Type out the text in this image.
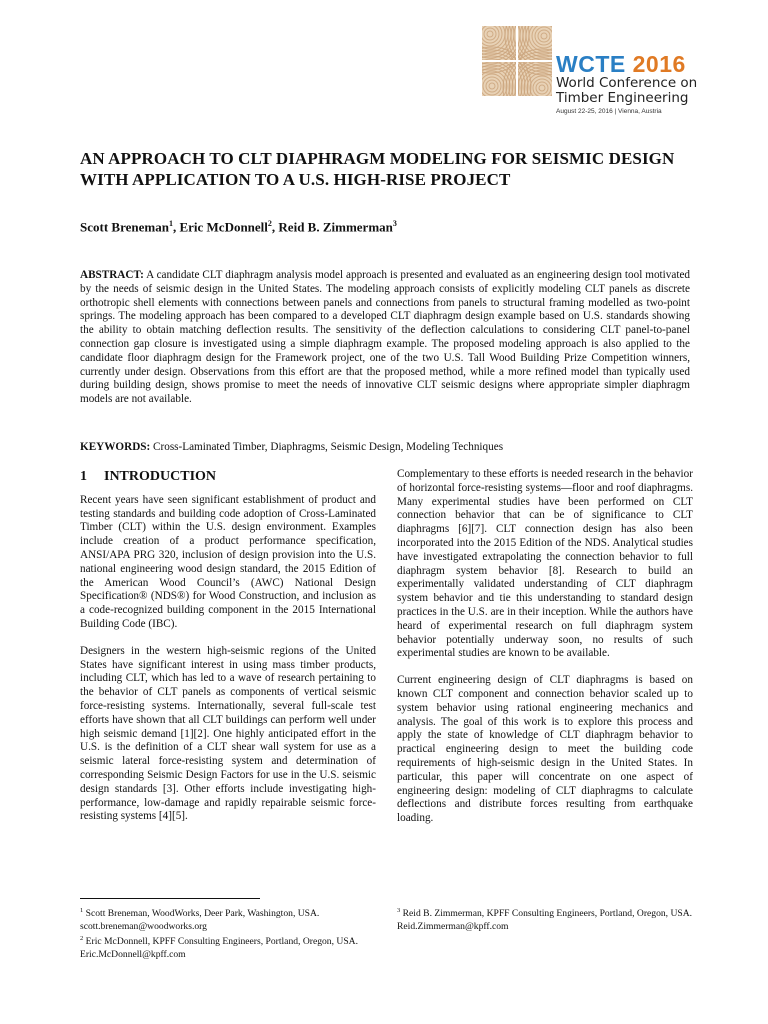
WCTE 2016
World Conference on
Timber Engineering
August 22-25, 2016 | Vienna, Austria
AN APPROACH TO CLT DIAPHRAGM MODELING FOR SEISMIC DESIGN WITH APPLICATION TO A U.S. HIGH-RISE PROJECT
Scott Breneman$^1$, Eric McDonnell$^2$, Reid B. Zimmerman$^3$
ABSTRACT: A candidate CLT diaphragm analysis model approach is presented and evaluated as an engineering design tool motivated by the needs of seismic design in the United States. The modeling approach consists of explicitly modeling CLT panels as discrete orthotropic shell elements with connections between panels and connections from panels to structural framing modelled as two-point springs. The modeling approach has been compared to a developed CLT diaphragm design example based on U.S. standards showing the ability to obtain matching deflection results. The sensitivity of the deflection calculations to considering CLT panel-to-panel connection gap closure is investigated using a simple diaphragm example. The proposed modeling approach is also applied to the candidate floor diaphragm design for the Framework project, one of the two U.S. Tall Wood Building Prize Competition winners, currently under design. Observations from this effort are that the proposed method, while a more refined model than typically used during building design, shows promise to meet the needs of innovative CLT seismic designs where appropriate simpler diaphragm models are not available.
KEYWORDS: Cross-Laminated Timber, Diaphragms, Seismic Design, Modeling Techniques
1 INTRODUCTION

Recent years have seen significant establishment of product and testing standards and building code adoption of Cross-Laminated Timber (CLT) within the U.S. design environment. Examples include creation of a product performance specification, ANSI/APA PRG 320, inclusion of design provision into the U.S. national engineering wood design standard, the 2015 Edition of the American Wood Council’s (AWC) National Design Specification® (NDS®) for Wood Construction, and inclusion as a code-recognized building component in the 2015 International Building Code (IBC).

Designers in the western high-seismic regions of the United States have significant interest in using mass timber products, including CLT, which has led to a wave of research pertaining to the behavior of CLT panels as components of vertical seismic force-resisting systems. Internationally, several full-scale test efforts have shown that all CLT buildings can perform well under high seismic demand [1][2]. One highly anticipated effort in the U.S. is the definition of a CLT shear wall system for use as a seismic lateral force-resisting system and determination of corresponding Seismic Design Factors for use in the U.S. seismic design standards [3]. Other efforts include investigating high-performance, low-damage and rapidly repairable seismic force-resisting systems [4][5].

Complementary to these efforts is needed research in the behavior of horizontal force-resisting systems—floor and roof diaphragms. Many experimental studies have been performed on CLT connection behavior that can be of significance to CLT diaphragms [6][7]. CLT connection design has also been incorporated into the 2015 Edition of the NDS. Analytical studies have investigated extrapolating the connection behavior to full diaphragm system behavior [8]. Research to build an experimentally validated understanding of CLT diaphragm system behavior and tie this understanding to standard design practices in the U.S. are in their inception. While the authors have heard of experimental research on full diaphragm system behavior potentially underway soon, no results of such experimental studies are known to be available.

Current engineering design of CLT diaphragms is based on known CLT component and connection behavior scaled up to system behavior using rational engineering mechanics and analysis. The goal of this work is to explore this process and apply the state of knowledge of CLT diaphragm behavior to practical engineering design to meet the building code requirements of high-seismic design in the United States. In particular, this paper will concentrate on one aspect of engineering design: modeling of CLT diaphragms to calculate deflections and distribute forces resulting from earthquake loading.

$^1$ Scott Breneman, WoodWorks, Deer Park, Washington, USA. scott.breneman@woodworks.org
$^2$ Eric McDonnell, KPFF Consulting Engineers, Portland, Oregon, USA. Eric.McDonnell@kpff.com
$^3$ Reid B. Zimmerman, KPFF Consulting Engineers, Portland, Oregon, USA. Reid.Zimmerman@kpff.com
